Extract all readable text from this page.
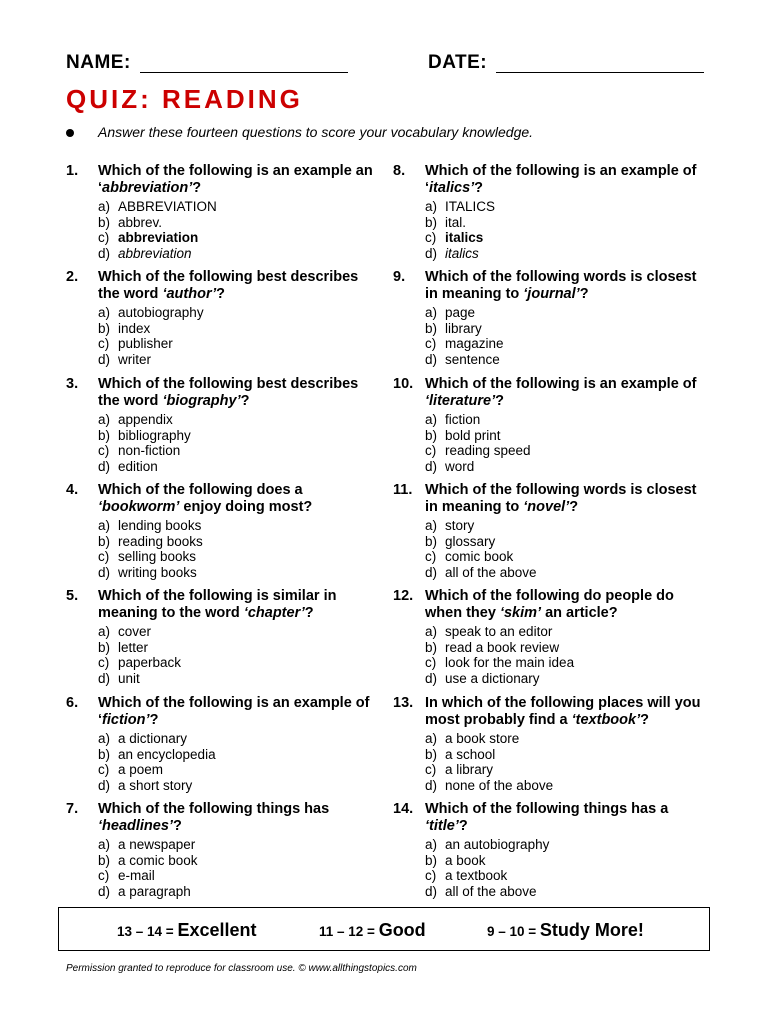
NAME:	DATE:
QUIZ: READING
Answer these fourteen questions to score your vocabulary knowledge.
1. Which of the following is an example an ‘abbreviation’?
a) ABBREVIATION
b) abbrev.
c) abbreviation
d) abbreviation
2. Which of the following best describes the word ‘author’?
a) autobiography
b) index
c) publisher
d) writer
3. Which of the following best describes the word ‘biography’?
a) appendix
b) bibliography
c) non-fiction
d) edition
4. Which of the following does a ‘bookworm’ enjoy doing most?
a) lending books
b) reading books
c) selling books
d) writing books
5. Which of the following is similar in meaning to the word ‘chapter’?
a) cover
b) letter
c) paperback
d) unit
6. Which of the following is an example of ‘fiction’?
a) a dictionary
b) an encyclopedia
c) a poem
d) a short story
7. Which of the following things has ‘headlines’?
a) a newspaper
b) a comic book
c) e-mail
d) a paragraph
8. Which of the following is an example of ‘italics’?
a) ITALICS
b) ital.
c) italics
d) italics
9. Which of the following words is closest in meaning to ‘journal’?
a) page
b) library
c) magazine
d) sentence
10. Which of the following is an example of ‘literature’?
a) fiction
b) bold print
c) reading speed
d) word
11. Which of the following words is closest in meaning to ‘novel’?
a) story
b) glossary
c) comic book
d) all of the above
12. Which of the following do people do when they ‘skim’ an article?
a) speak to an editor
b) read a book review
c) look for the main idea
d) use a dictionary
13. In which of the following places will you most probably find a ‘textbook’?
a) a book store
b) a school
c) a library
d) none of the above
14. Which of the following things has a ‘title’?
a) an autobiography
b) a book
c) a textbook
d) all of the above
13 – 14 = Excellent	11 – 12 = Good	9 – 10 = Study More!
Permission granted to reproduce for classroom use. © www.allthingstopics.com
